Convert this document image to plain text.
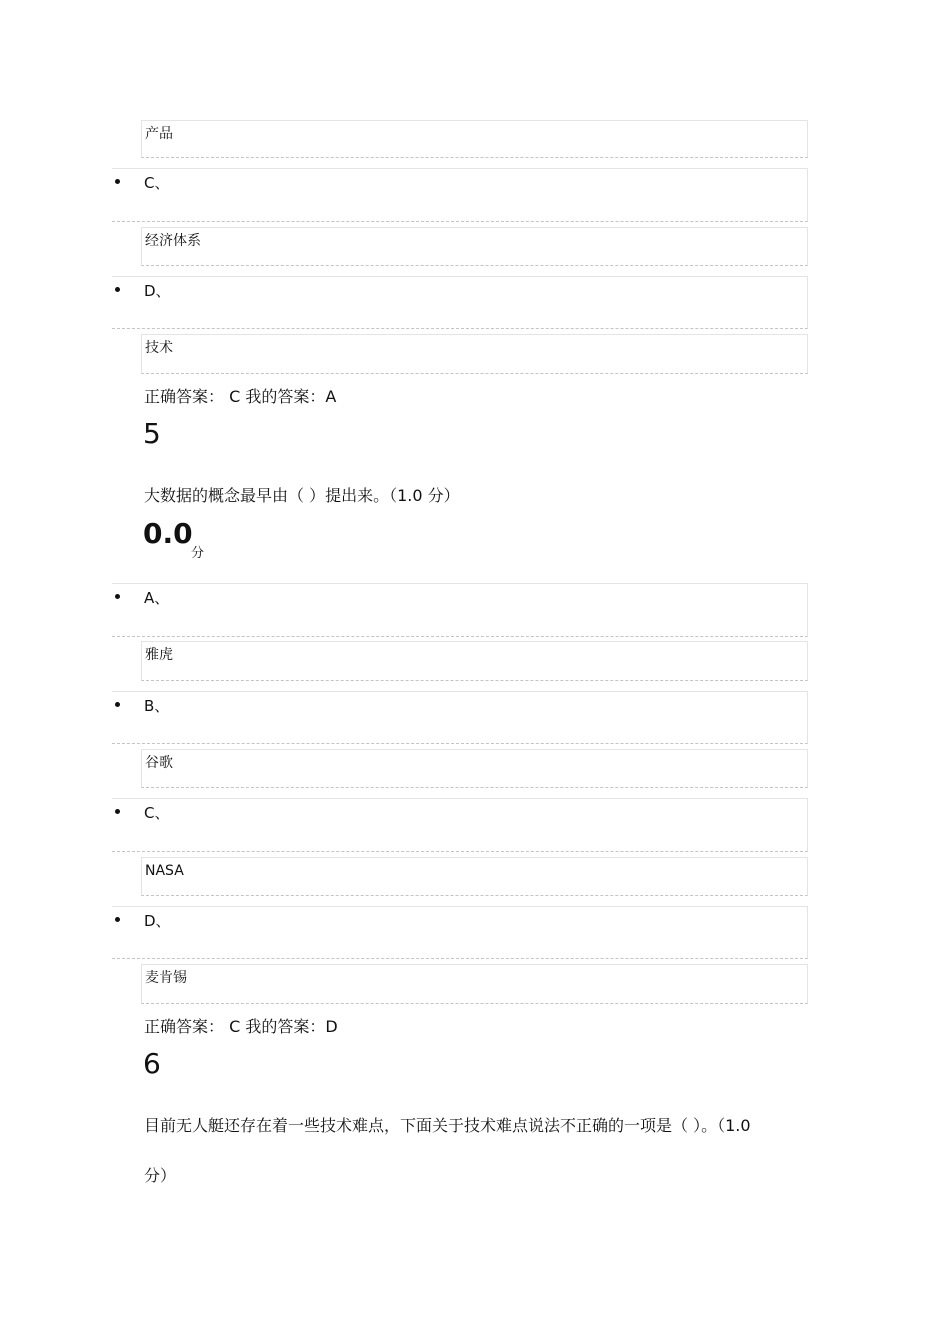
产品
C、
经济体系
D、
技术
正确答案： C 我的答案：A
5
大数据的概念最早由（ ）提出来。（1.0 分）
0.0
分
A、
雅虎
B、
谷歌
C、
NASA
D、
麦肯锡
正确答案： C 我的答案：D
6
目前无人艇还存在着一些技术难点，下面关于技术难点说法不正确的一项是（ ）。（1.0
分）
